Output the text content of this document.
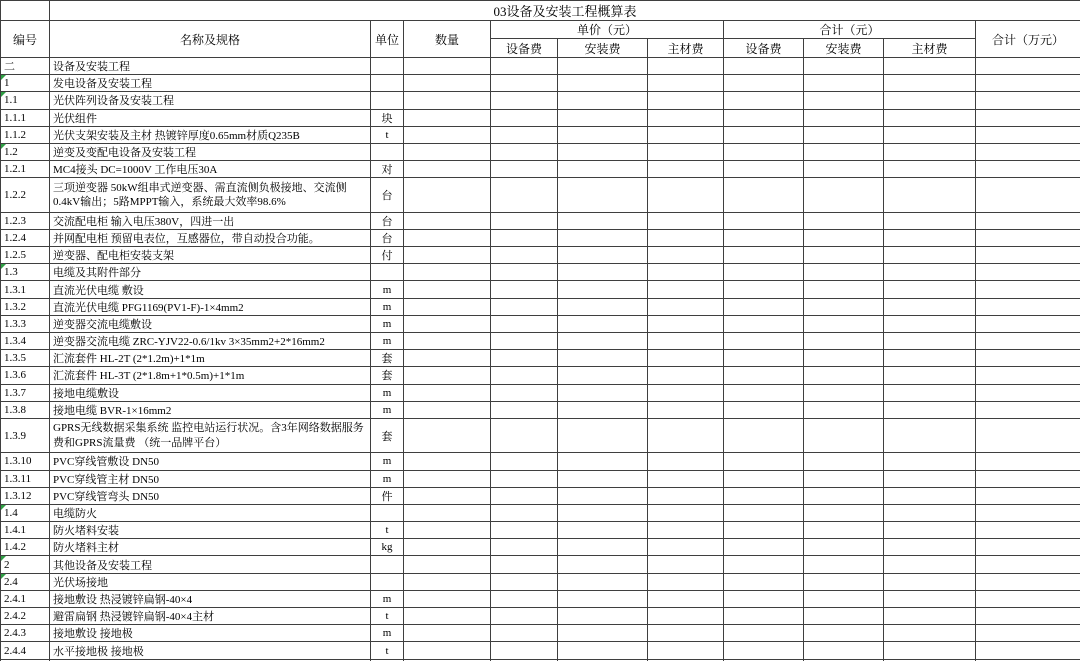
	03设备及安装工程概算表									
编号	名称及规格	单位	数量	单价（元）			合计（元）			合计（万元）
				设备费	安装费	主材费	设备费	安装费	主材费	
二	设备及安装工程									
1	发电设备及安装工程									
1.1	光伏阵列设备及安装工程									
1.1.1	光伏组件	块								
1.1.2	光伏支架安装及主材 热镀锌厚度0.65mm材质Q235B	t								
1.2	逆变及变配电设备及安装工程									
1.2.1	MC4接头 DC=1000V 工作电压30A	对								
1.2.2	三项逆变器 50kW组串式逆变器、需直流侧负极接地、交流侧0.4kV输出；5路MPPT输入，系统最大效率98.6%	台								
1.2.3	交流配电柜 输入电压380V，四进一出	台								
1.2.4	并网配电柜 预留电表位，互感器位，带自动投合功能。	台								
1.2.5	逆变器、配电柜安装支架	付								
1.3	电缆及其附件部分									
1.3.1	直流光伏电缆 敷设	m								
1.3.2	直流光伏电缆 PFG1169(PV1-F)-1×4mm2	m								
1.3.3	逆变器交流电缆敷设	m								
1.3.4	逆变器交流电缆 ZRC-YJV22-0.6/1kv 3×35mm2+2*16mm2	m								
1.3.5	汇流套件 HL-2T (2*1.2m)+1*1m	套								
1.3.6	汇流套件 HL-3T (2*1.8m+1*0.5m)+1*1m	套								
1.3.7	接地电缆敷设	m								
1.3.8	接地电缆 BVR-1×16mm2	m								
1.3.9	GPRS无线数据采集系统 监控电站运行状况。含3年网络数据服务费和GPRS流量费 （统一品牌平台）	套								
1.3.10	PVC穿线管敷设 DN50	m								
1.3.11	PVC穿线管主材 DN50	m								
1.3.12	PVC穿线管弯头 DN50	件								
1.4	电缆防火									
1.4.1	防火堵料安装	t								
1.4.2	防火堵料主材	kg								
2	其他设备及安装工程									
2.4	光伏场接地									
2.4.1	接地敷设 热浸镀锌扁钢-40×4	m								
2.4.2	避雷扁钢 热浸镀锌扁钢-40×4主材	t								
2.4.3	接地敷设 接地极	m								
2.4.4	水平接地极 接地极	t								
